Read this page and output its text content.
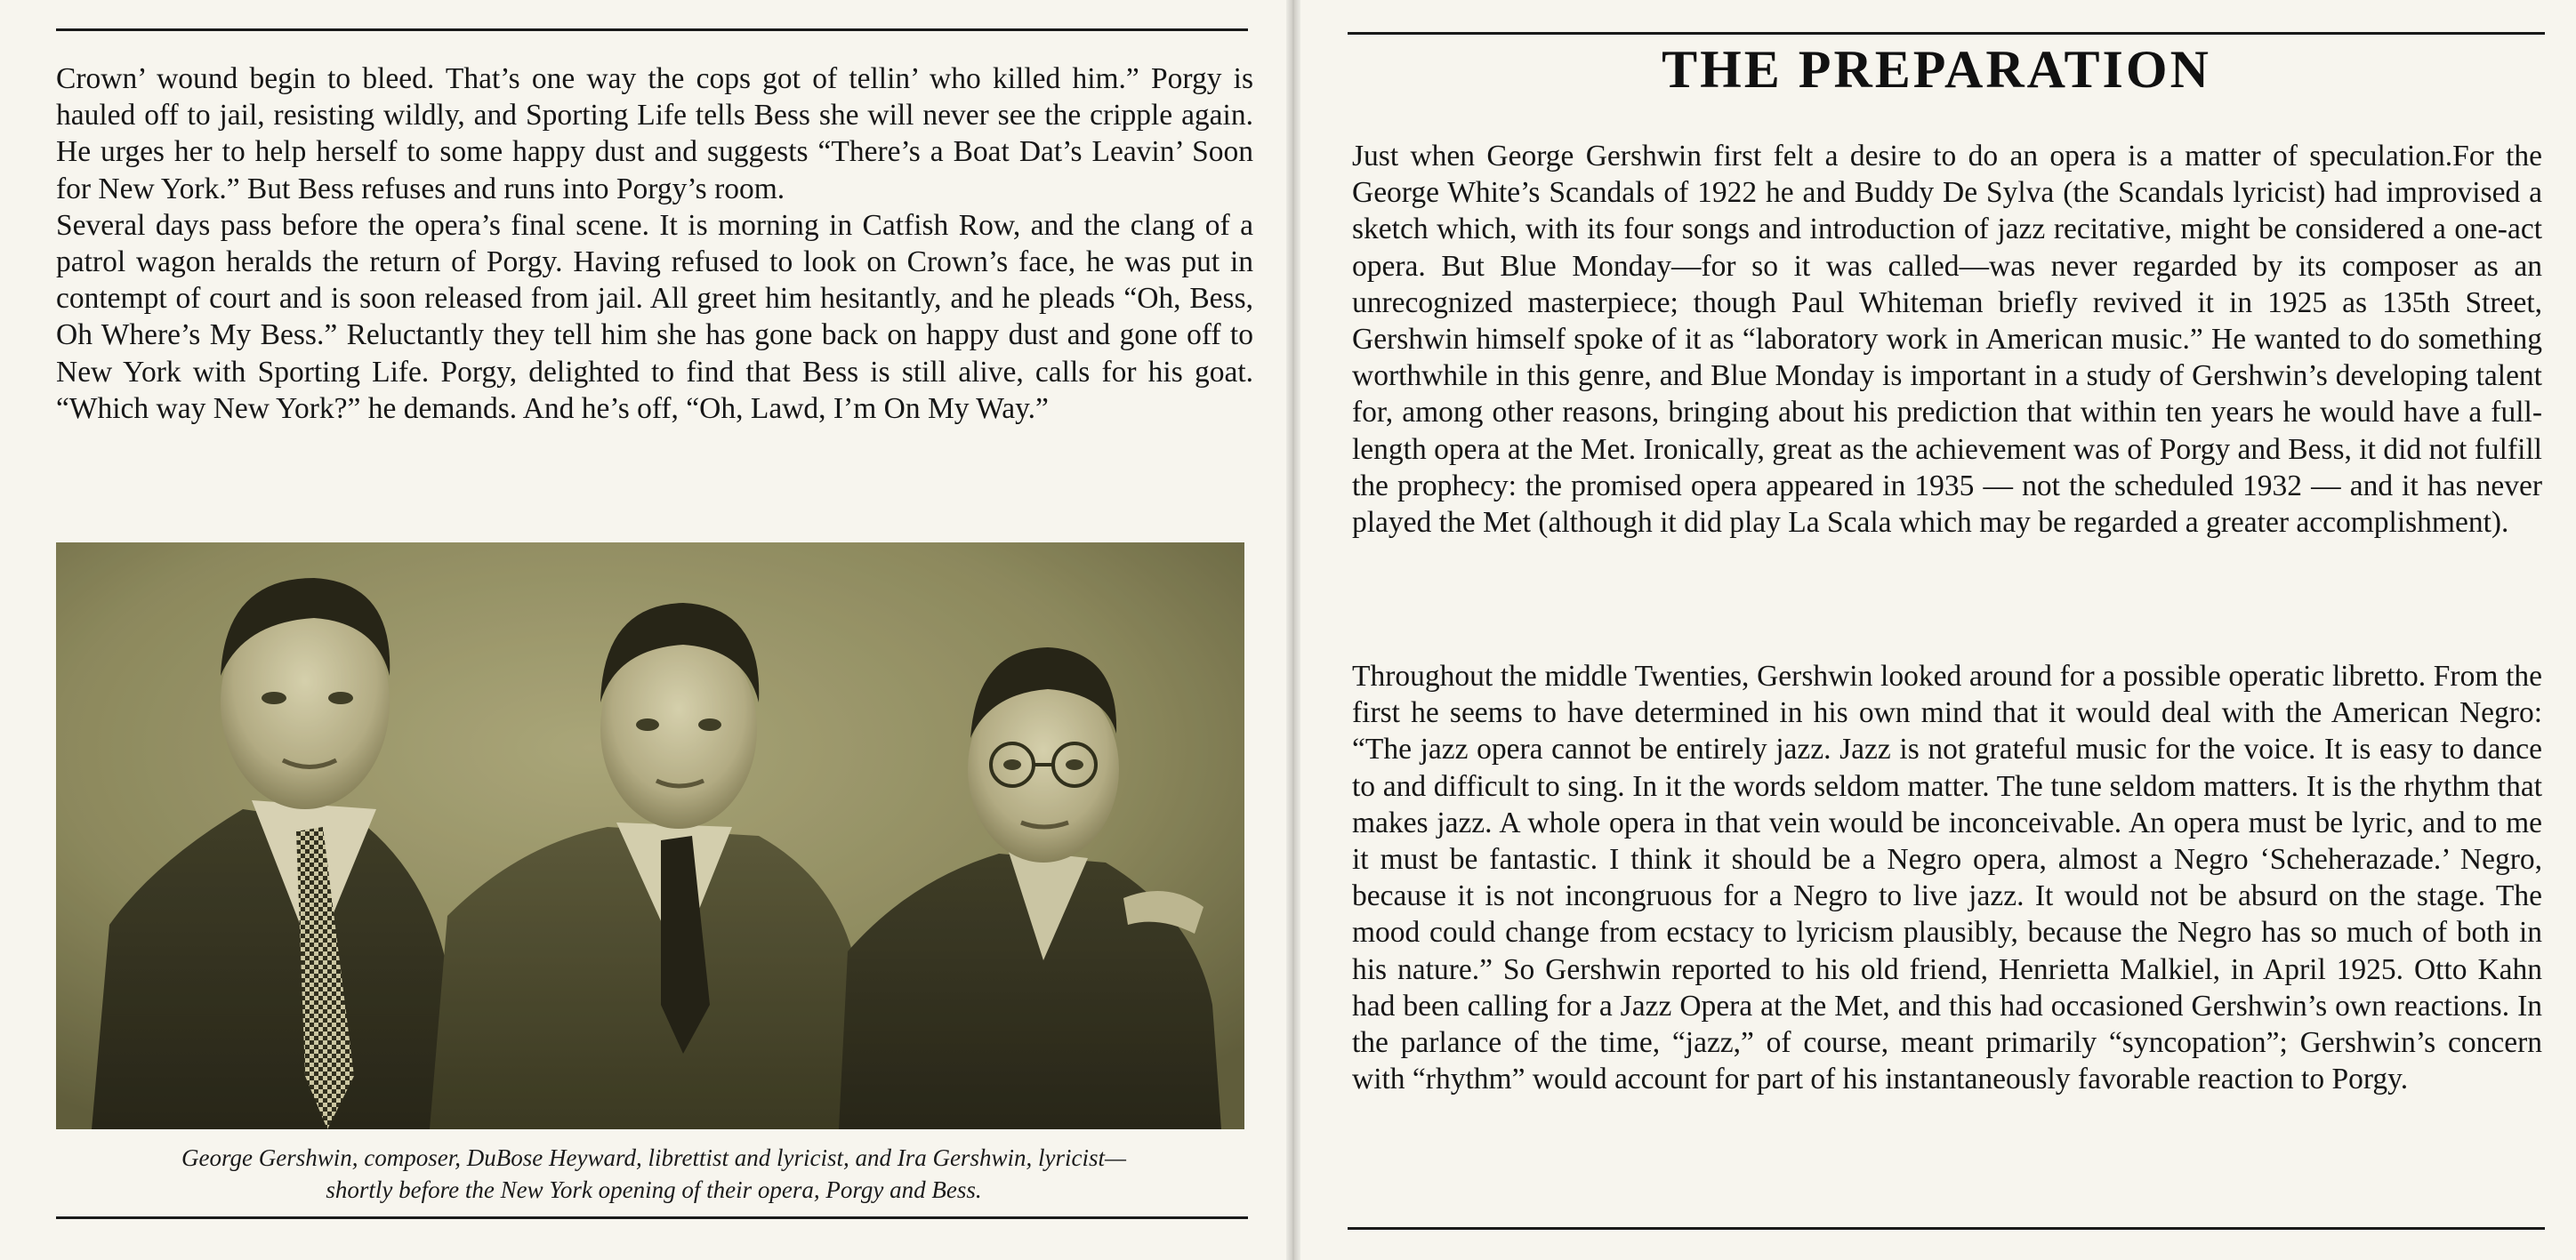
Crown’ wound begin to bleed. That’s one way the cops got of tellin’ who killed him.” Porgy is hauled off to jail, resisting wildly, and Sporting Life tells Bess she will never see the cripple again. He urges her to help herself to some happy dust and suggests “There’s a Boat Dat’s Leavin’ Soon for New York.” But Bess refuses and runs into Porgy’s room.

Several days pass before the opera’s final scene. It is morning in Catfish Row, and the clang of a patrol wagon heralds the return of Porgy. Having refused to look on Crown’s face, he was put in contempt of court and is soon released from jail. All greet him hesitantly, and he pleads “Oh, Bess, Oh Where’s My Bess.” Reluctantly they tell him she has gone back on happy dust and gone off to New York with Sporting Life. Porgy, delighted to find that Bess is still alive, calls for his goat. “Which way New York?” he demands. And he’s off, “Oh, Lawd, I’m On My Way.”

George Gershwin, composer, DuBose Heyward, librettist and lyricist, and Ira Gershwin, lyricist—
shortly before the New York opening of their opera, Porgy and Bess.
THE PREPARATION

Just when George Gershwin first felt a desire to do an opera is a matter of speculation.For the George White’s Scandals of 1922 he and Buddy De Sylva (the Scandals lyricist) had improvised a sketch which, with its four songs and introduction of jazz recitative, might be considered a one-act opera. But Blue Monday—for so it was called—was never regarded by its composer as an unrecognized masterpiece; though Paul Whiteman briefly revived it in 1925 as 135th Street, Gershwin himself spoke of it as “laboratory work in American music.” He wanted to do something worthwhile in this genre, and Blue Monday is important in a study of Gershwin’s developing talent for, among other reasons, bringing about his prediction that within ten years he would have a full-length opera at the Met. Ironically, great as the achievement was of Porgy and Bess, it did not fulfill the prophecy: the promised opera appeared in 1935 — not the scheduled 1932 — and it has never played the Met (although it did play La Scala which may be regarded a greater accomplishment).

Throughout the middle Twenties, Gershwin looked around for a possible operatic libretto. From the first he seems to have determined in his own mind that it would deal with the American Negro: “The jazz opera cannot be entirely jazz. Jazz is not grateful music for the voice. It is easy to dance to and difficult to sing. In it the words seldom matter. The tune seldom matters. It is the rhythm that makes jazz. A whole opera in that vein would be inconceivable. An opera must be lyric, and to me it must be fantastic. I think it should be a Negro opera, almost a Negro ‘Scheherazade.’ Negro, because it is not incongruous for a Negro to live jazz. It would not be absurd on the stage. The mood could change from ecstacy to lyricism plausibly, because the Negro has so much of both in his nature.” So Gershwin reported to his old friend, Henrietta Malkiel, in April 1925. Otto Kahn had been calling for a Jazz Opera at the Met, and this had occasioned Gershwin’s own reactions. In the parlance of the time, “jazz,” of course, meant primarily “syncopation”; Gershwin’s concern with “rhythm” would account for part of his instantaneously favorable reaction to Porgy.
